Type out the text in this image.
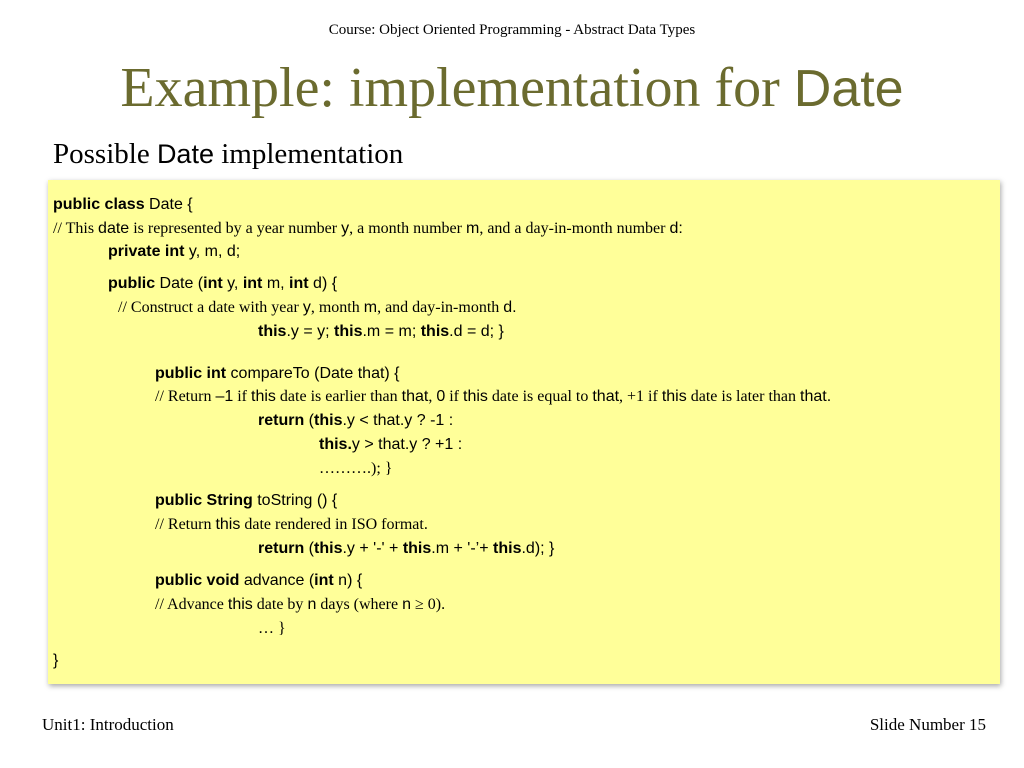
Course: Object Oriented Programming - Abstract Data Types
Example: implementation for Date
Possible Date implementation
public class Date {
// This date is represented by a year number y, a month number m, and a day-in-month number d:
private int y, m, d;
public Date (int y, int m, int d) {
// Construct a date with year y, month m, and day-in-month d.
this.y = y; this.m = m; this.d = d; }
public int compareTo (Date that) {
// Return –1 if this date is earlier than that, 0 if this date is equal to that, +1 if this date is later than that.
return (this.y < that.y ? -1 :
this.y > that.y ? +1 :
……….); }
public String toString () {
// Return this date rendered in ISO format.
return (this.y + '-' + this.m + '-’+ this.d); }
public void advance (int n) {
// Advance this date by n days (where n ≥ 0).
… }
}
Unit1: Introduction	Slide Number 15
